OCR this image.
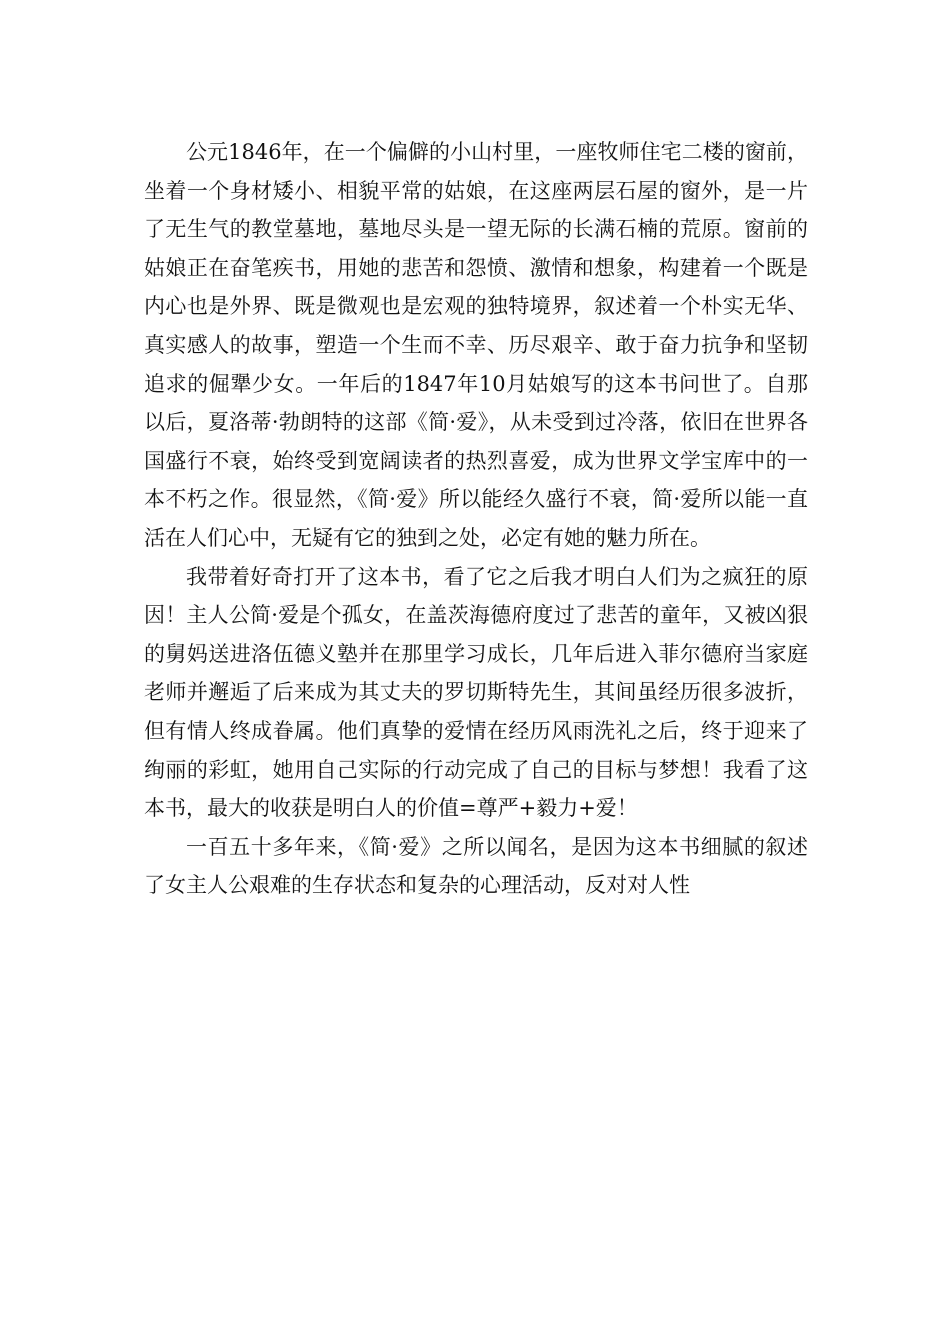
公元1846年，在一个偏僻的小山村里，一座牧师住宅二楼的窗前，坐着一个身材矮小、相貌平常的姑娘，在这座两层石屋的窗外，是一片了无生气的教堂墓地，墓地尽头是一望无际的长满石楠的荒原。窗前的姑娘正在奋笔疾书，用她的悲苦和怨愤、激情和想象，构建着一个既是内心也是外界、既是微观也是宏观的独特境界，叙述着一个朴实无华、真实感人的故事，塑造一个生而不幸、历尽艰辛、敢于奋力抗争和坚韧追求的倔犟少女。一年后的1847年10月姑娘写的这本书问世了。自那以后，夏洛蒂·勃朗特的这部《简·爱》，从未受到过冷落，依旧在世界各国盛行不衰，始终受到宽阔读者的热烈喜爱，成为世界文学宝库中的一本不朽之作。很显然，《简·爱》所以能经久盛行不衰，简·爱所以能一直活在人们心中，无疑有它的独到之处，必定有她的魅力所在。

我带着好奇打开了这本书，看了它之后我才明白人们为之疯狂的原因！主人公简·爱是个孤女，在盖茨海德府度过了悲苦的童年，又被凶狠的舅妈送进洛伍德义塾并在那里学习成长，几年后进入菲尔德府当家庭老师并邂逅了后来成为其丈夫的罗切斯特先生，其间虽经历很多波折，但有情人终成眷属。他们真挚的爱情在经历风雨洗礼之后，终于迎来了绚丽的彩虹，她用自己实际的行动完成了自己的目标与梦想！我看了这本书，最大的收获是明白人的价值=尊严+毅力+爱！

一百五十多年来，《简·爱》之所以闻名，是因为这本书细腻的叙述了女主人公艰难的生存状态和复杂的心理活动，反对对人性
